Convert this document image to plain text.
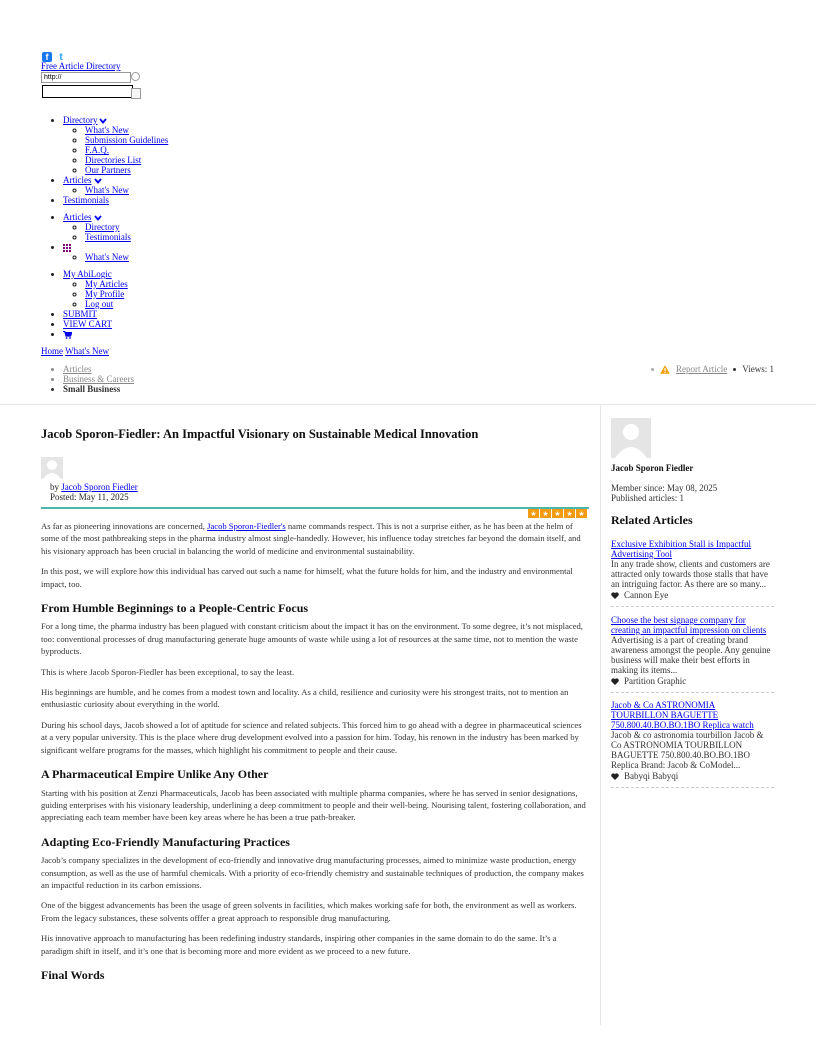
f	t
Free Article Directory
http://
• Directory
◦ What's New
◦ Submission Guidelines
◦ F.A.Q.
◦ Directories List
◦ Our Partners
• Articles
◦ What's New
• Testimonials
• Articles
◦ Directory
◦ Testimonials
◦ • What's New
• My AbiLogic
◦ My Articles
◦ My Profile
◦ Log out
• SUBMIT
• VIEW CART
•
Home What's New
• Articles
• Business & Careers
• Small Business
Report Article Views: 1
Jacob Sporon-Fiedler: An Impactful Visionary on Sustainable Medical Innovation
by Jacob Sporon Fiedler
Posted: May 11, 2025
★ ★ ★ ★ ★

As far as pioneering innovations are concerned, Jacob Sporon-Fiedler's name commands respect. This is not a surprise either, as he has been at the helm of some of the most pathbreaking steps in the pharma industry almost single-handedly. However, his influence today stretches far beyond the domain itself, and his visionary approach has been crucial in balancing the world of medicine and environmental sustainability.

In this post, we will explore how this individual has carved out such a name for himself, what the future holds for him, and the industry and environmental impact, too.

From Humble Beginnings to a People-Centric Focus

For a long time, the pharma industry has been plagued with constant criticism about the impact it has on the environment. To some degree, it’s not misplaced, too: conventional processes of drug manufacturing generate huge amounts of waste while using a lot of resources at the same time, not to mention the waste byproducts.

This is where Jacob Sporon-Fiedler has been exceptional, to say the least.

His beginnings are humble, and he comes from a modest town and locality. As a child, resilience and curiosity were his strongest traits, not to mention an enthusiastic curiosity about everything in the world.

During his school days, Jacob showed a lot of aptitude for science and related subjects. This forced him to go ahead with a degree in pharmaceutical sciences at a very popular university. This is the place where drug development evolved into a passion for him. Today, his renown in the industry has been marked by significant welfare programs for the masses, which highlight his commitment to people and their cause.

A Pharmaceutical Empire Unlike Any Other

Starting with his position at Zenzi Pharmaceuticals, Jacob has been associated with multiple pharma companies, where he has served in senior designations, guiding enterprises with his visionary leadership, underlining a deep commitment to people and their well-being. Nourising talent, fostering collaboration, and appreciating each team member have been key areas where he has been a true path-breaker.

Adapting Eco-Friendly Manufacturing Practices

Jacob’s company specializes in the development of eco-friendly and innovative drug manufacturing processes, aimed to minimize waste production, energy consumption, as well as the use of harmful chemicals. With a priority of eco-friendly chemistry and sustainable techniques of production, the company makes an impactful reduction in its carbon emissions.

One of the biggest advancements has been the usage of green solvents in facilities, which makes working safe for both, the environment as well as workers. From the legacy substances, these solvents offfer a great approach to responsible drug manufacturing.

His innovative approach to manufacturing has been redefining industry standards, inspiring other companies in the same domain to do the same. It’s a paradigm shift in itself, and it’s one that is becoming more and more evident as we proceed to a new future.

Final Words
Jacob Sporon Fiedler
Member since: May 08, 2025
Published articles: 1
Related Articles
Exclusive Exhibition Stall is Impactful Advertising Tool
In any trade show, clients and customers are attracted only towards those stalls that have an intriguing factor. As there are so many...
Cannon Eye
Choose the best signage company for creating an impactful impression on clients
Advertising is a part of creating brand awareness amongst the people. Any genuine business will make their best efforts in making its items...
Partition Graphic
Jacob & Co ASTRONOMIA TOURBILLON BAGUETTE 750.800.40.BO.BO.1BO Replica watch
Jacob & co astronomia tourbillon Jacob & Co ASTRONOMIA TOURBILLON BAGUETTE 750.800.40.BO.BO.1BO Replica Brand: Jacob & CoModel...
Babyqi Babyqi
